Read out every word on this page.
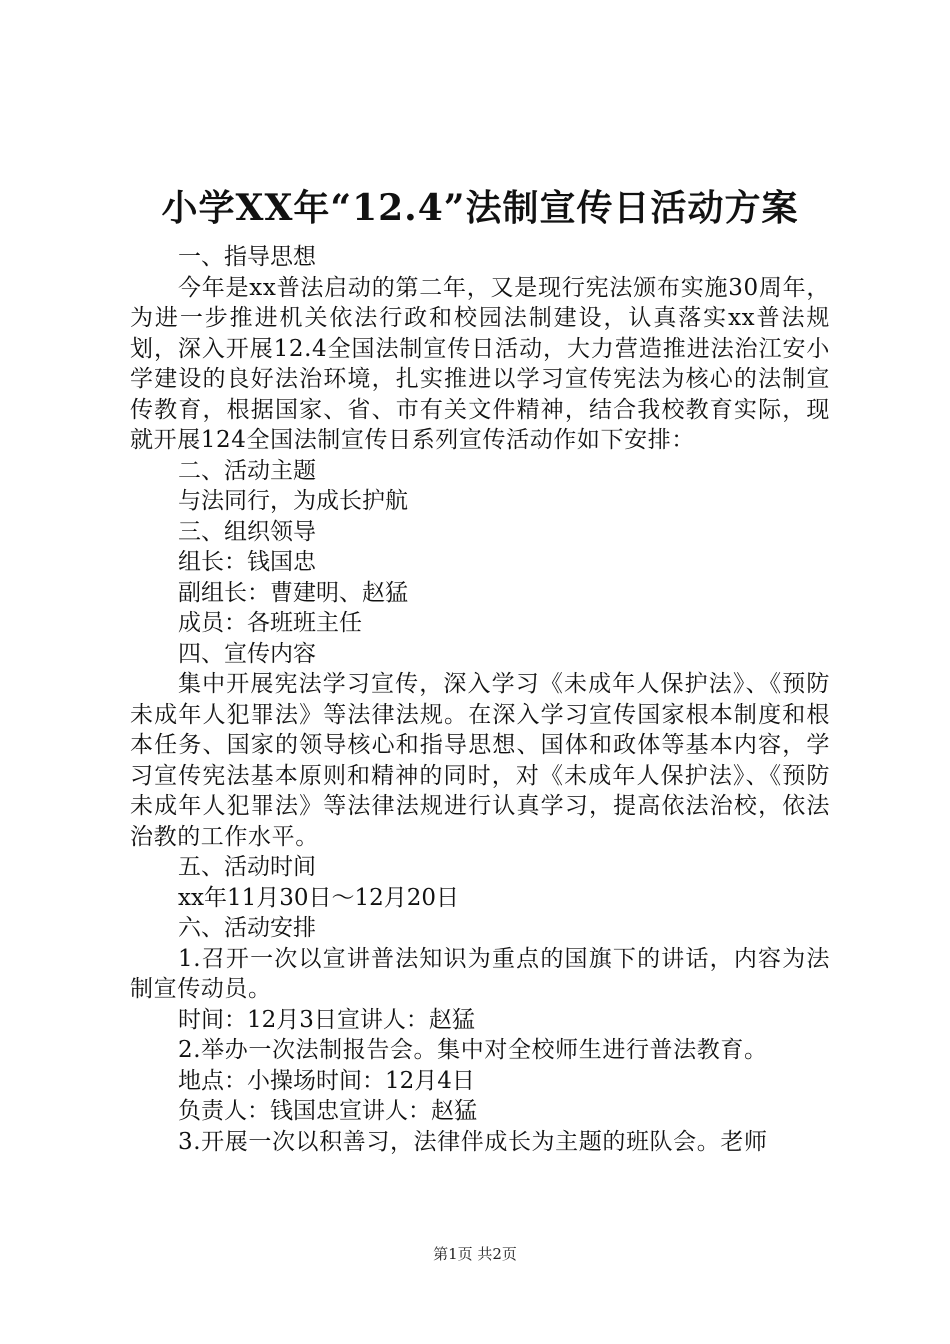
小学XX年“12.4”法制宣传日活动方案

一、指导思想

今年是xx普法启动的第二年，又是现行宪法颁布实施30周年，为进一步推进机关依法行政和校园法制建设，认真落实xx普法规划，深入开展12.4全国法制宣传日活动，大力营造推进法治江安小学建设的良好法治环境，扎实推进以学习宣传宪法为核心的法制宣传教育，根据国家、省、市有关文件精神，结合我校教育实际，现就开展124全国法制宣传日系列宣传活动作如下安排：

二、活动主题

与法同行，为成长护航

三、组织领导

组长：钱国忠

副组长：曹建明、赵猛

成员：各班班主任

四、宣传内容

集中开展宪法学习宣传，深入学习《未成年人保护法》、《预防未成年人犯罪法》等法律法规。在深入学习宣传国家根本制度和根本任务、国家的领导核心和指导思想、国体和政体等基本内容，学习宣传宪法基本原则和精神的同时，对《未成年人保护法》、《预防未成年人犯罪法》等法律法规进行认真学习，提高依法治校，依法治教的工作水平。

五、活动时间

xx年11月30日～12月20日

六、活动安排

1.召开一次以宣讲普法知识为重点的国旗下的讲话，内容为法制宣传动员。

时间：12月3日宣讲人：赵猛

2.举办一次法制报告会。集中对全校师生进行普法教育。

地点：小操场时间：12月4日

负责人：钱国忠宣讲人：赵猛

3.开展一次以积善习，法律伴成长为主题的班队会。老师

第1页 共2页
